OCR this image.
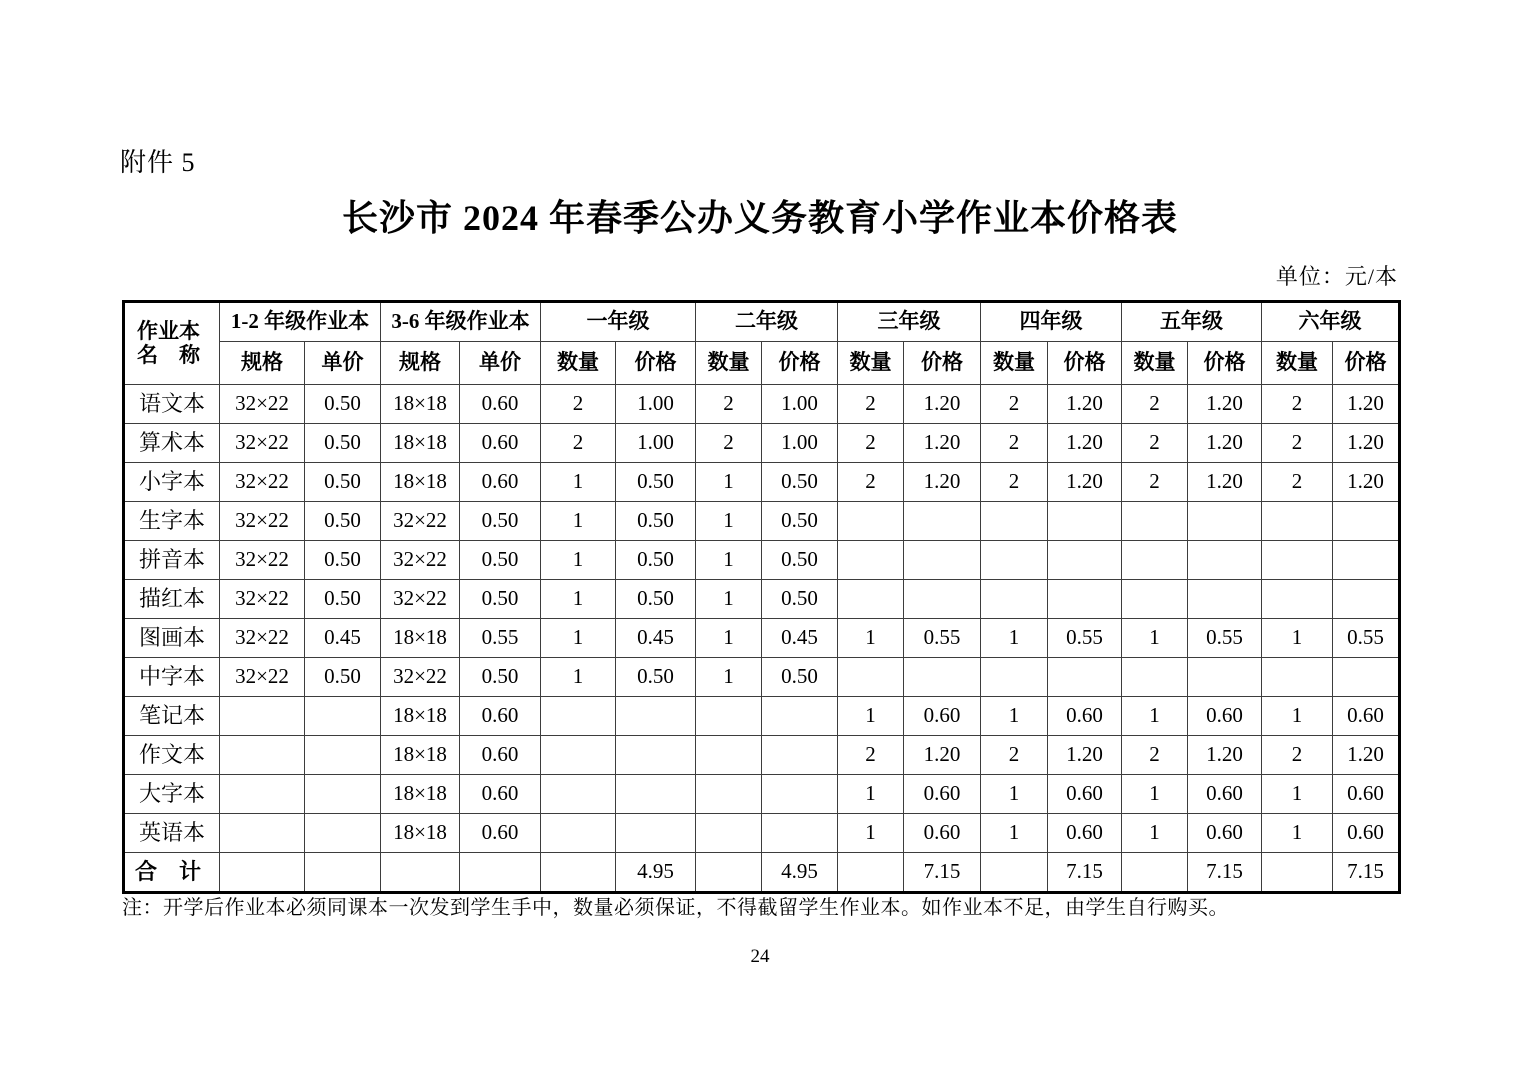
附件 5
长沙市 2024 年春季公办义务教育小学作业本价格表
单位：元/本
作业本
名　称	1-2 年级作业本		3-6 年级作业本		一年级		二年级		三年级		四年级		五年级		六年级	
	规格	单价	规格	单价	数量	价格	数量	价格	数量	价格	数量	价格	数量	价格	数量	价格
语文本	32×22	0.50	18×18	0.60	2	1.00	2	1.00	2	1.20	2	1.20	2	1.20	2	1.20
算术本	32×22	0.50	18×18	0.60	2	1.00	2	1.00	2	1.20	2	1.20	2	1.20	2	1.20
小字本	32×22	0.50	18×18	0.60	1	0.50	1	0.50	2	1.20	2	1.20	2	1.20	2	1.20
生字本	32×22	0.50	32×22	0.50	1	0.50	1	0.50								
拼音本	32×22	0.50	32×22	0.50	1	0.50	1	0.50								
描红本	32×22	0.50	32×22	0.50	1	0.50	1	0.50								
图画本	32×22	0.45	18×18	0.55	1	0.45	1	0.45	1	0.55	1	0.55	1	0.55	1	0.55
中字本	32×22	0.50	32×22	0.50	1	0.50	1	0.50								
笔记本			18×18	0.60					1	0.60	1	0.60	1	0.60	1	0.60
作文本			18×18	0.60					2	1.20	2	1.20	2	1.20	2	1.20
大字本			18×18	0.60					1	0.60	1	0.60	1	0.60	1	0.60
英语本			18×18	0.60					1	0.60	1	0.60	1	0.60	1	0.60
合　计						4.95		4.95		7.15		7.15		7.15		7.15
注：开学后作业本必须同课本一次发到学生手中，数量必须保证，不得截留学生作业本。如作业本不足，由学生自行购买。
24
